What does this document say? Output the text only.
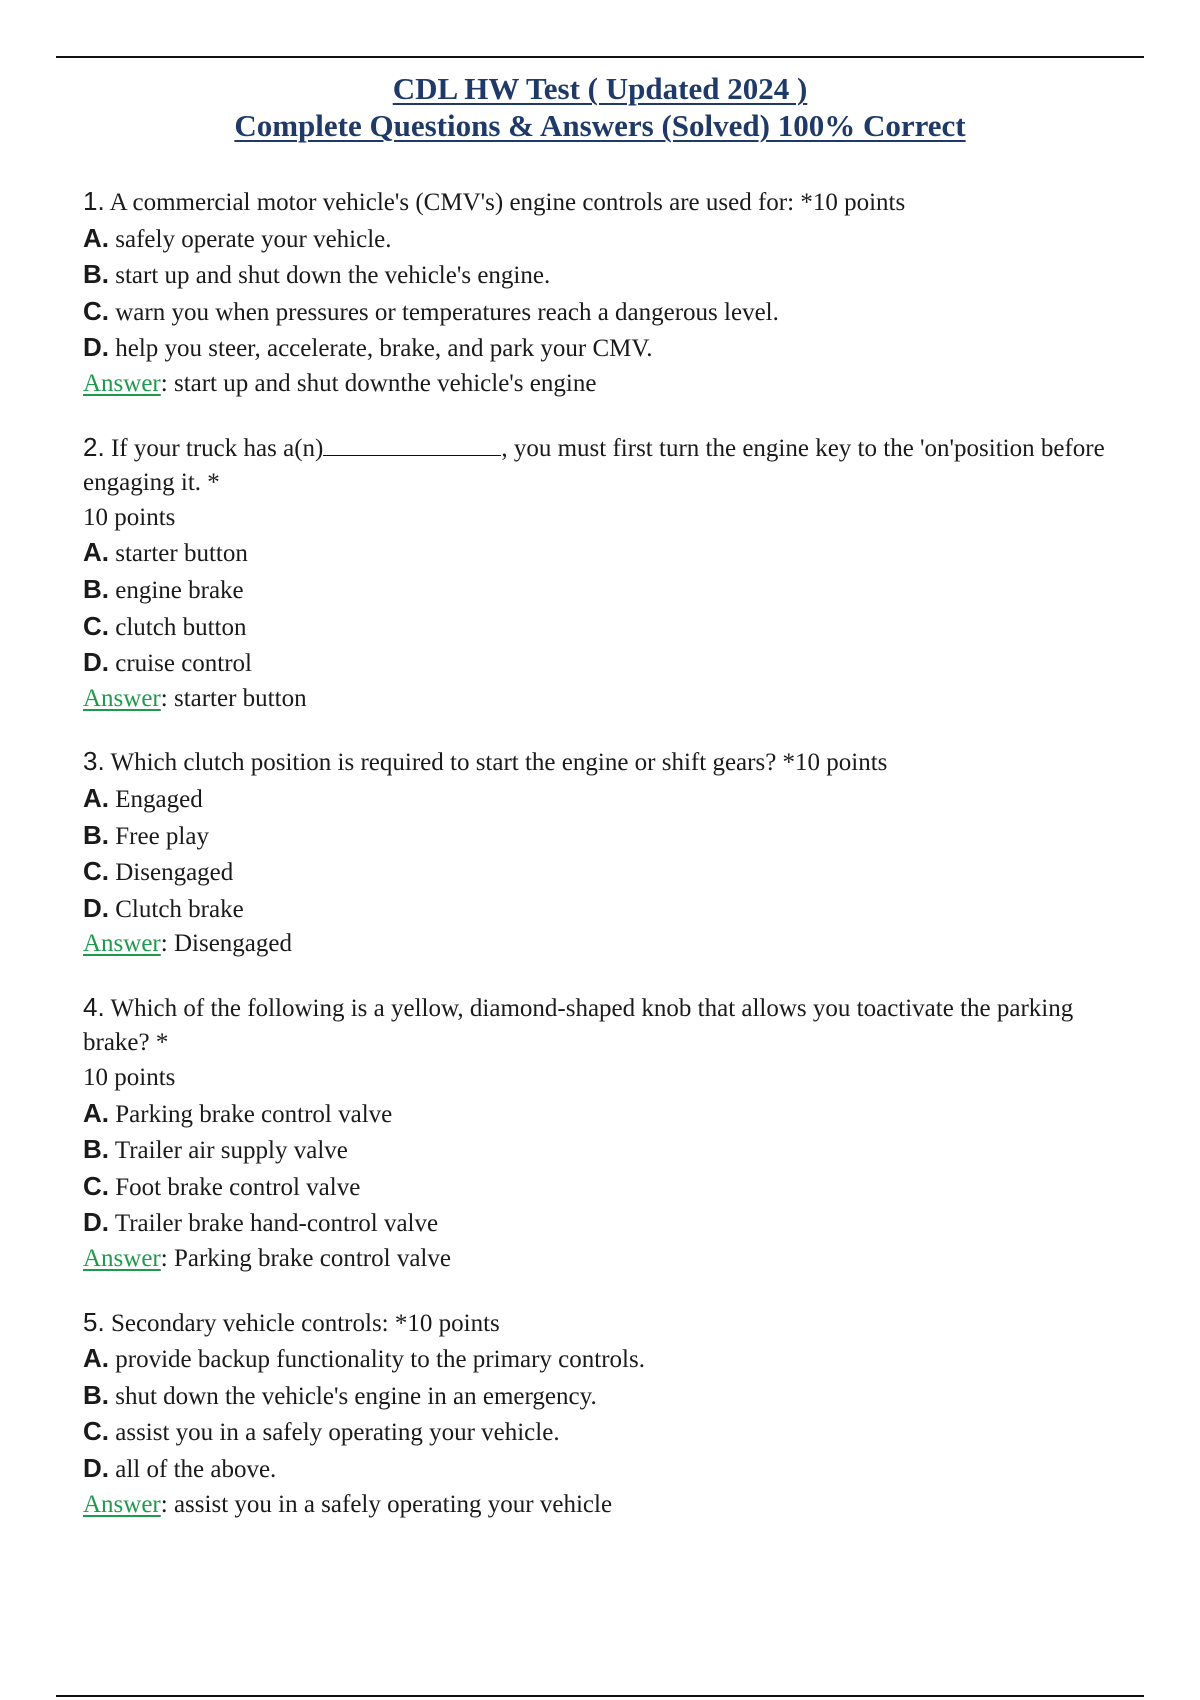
CDL HW Test ( Updated 2024 )
Complete Questions & Answers (Solved) 100% Correct
1. A commercial motor vehicle's (CMV's) engine controls are used for: *10 points
A. safely operate your vehicle.
B. start up and shut down the vehicle's engine.
C. warn you when pressures or temperatures reach a dangerous level.
D. help you steer, accelerate, brake, and park your CMV.
Answer: start up and shut downthe vehicle's engine
2. If your truck has a(n)	, you must first turn the engine key to the 'on'position before engaging it. *
10 points
A. starter button
B. engine brake
C. clutch button
D. cruise control
Answer: starter button
3. Which clutch position is required to start the engine or shift gears? *10 points
A. Engaged
B. Free play
C. Disengaged
D. Clutch brake
Answer: Disengaged
4. Which of the following is a yellow, diamond-shaped knob that allows you toactivate the parking brake? *
10 points
A. Parking brake control valve
B. Trailer air supply valve
C. Foot brake control valve
D. Trailer brake hand-control valve
Answer: Parking brake control valve
5. Secondary vehicle controls: *10 points
A. provide backup functionality to the primary controls.
B. shut down the vehicle's engine in an emergency.
C. assist you in a safely operating your vehicle.
D. all of the above.
Answer: assist you in a safely operating your vehicle
